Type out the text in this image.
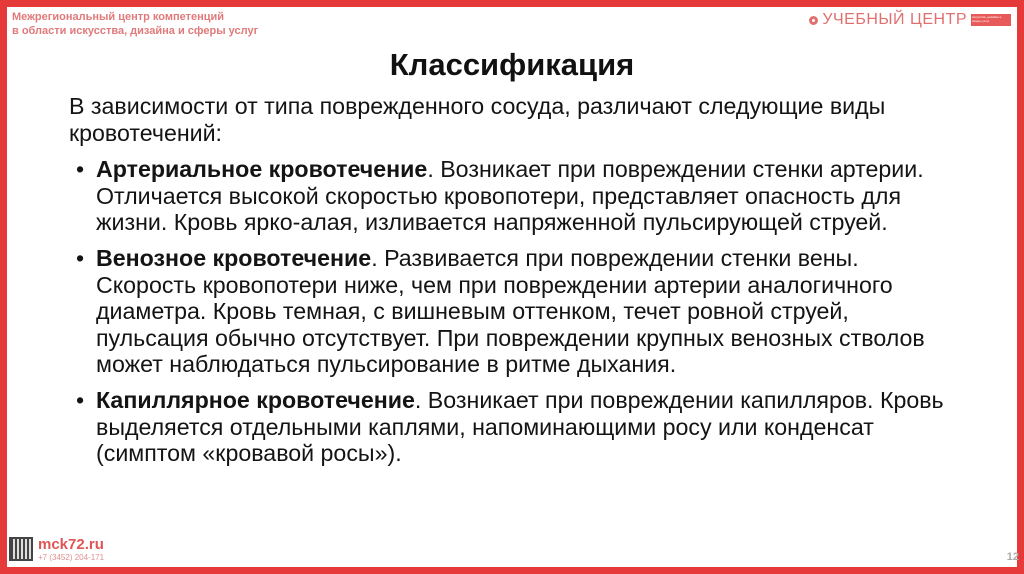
Межрегиональный центр компетенций
в области искусства, дизайна и сферы услуг
УЧЕБНЫЙ ЦЕНТР	искусства, дизайна и сферы услуг
Классификация

В зависимости от типа поврежденного сосуда, различают следующие виды кровотечений:

• Артериальное кровотечение. Возникает при повреждении стенки артерии. Отличается высокой скоростью кровопотери, представляет опасность для жизни. Кровь ярко-алая, изливается напряженной пульсирующей струей.
• Венозное кровотечение. Развивается при повреждении стенки вены. Скорость кровопотери ниже, чем при повреждении артерии аналогичного диаметра. Кровь темная, с вишневым оттенком, течет ровной струей, пульсация обычно отсутствует. При повреждении крупных венозных стволов может наблюдаться пульсирование в ритме дыхания.
• Капиллярное кровотечение. Возникает при повреждении капилляров. Кровь выделяется отдельными каплями, напоминающими росу или конденсат (симптом «кровавой росы»).
mck72.ru
+7 (3452) 204-171	12
